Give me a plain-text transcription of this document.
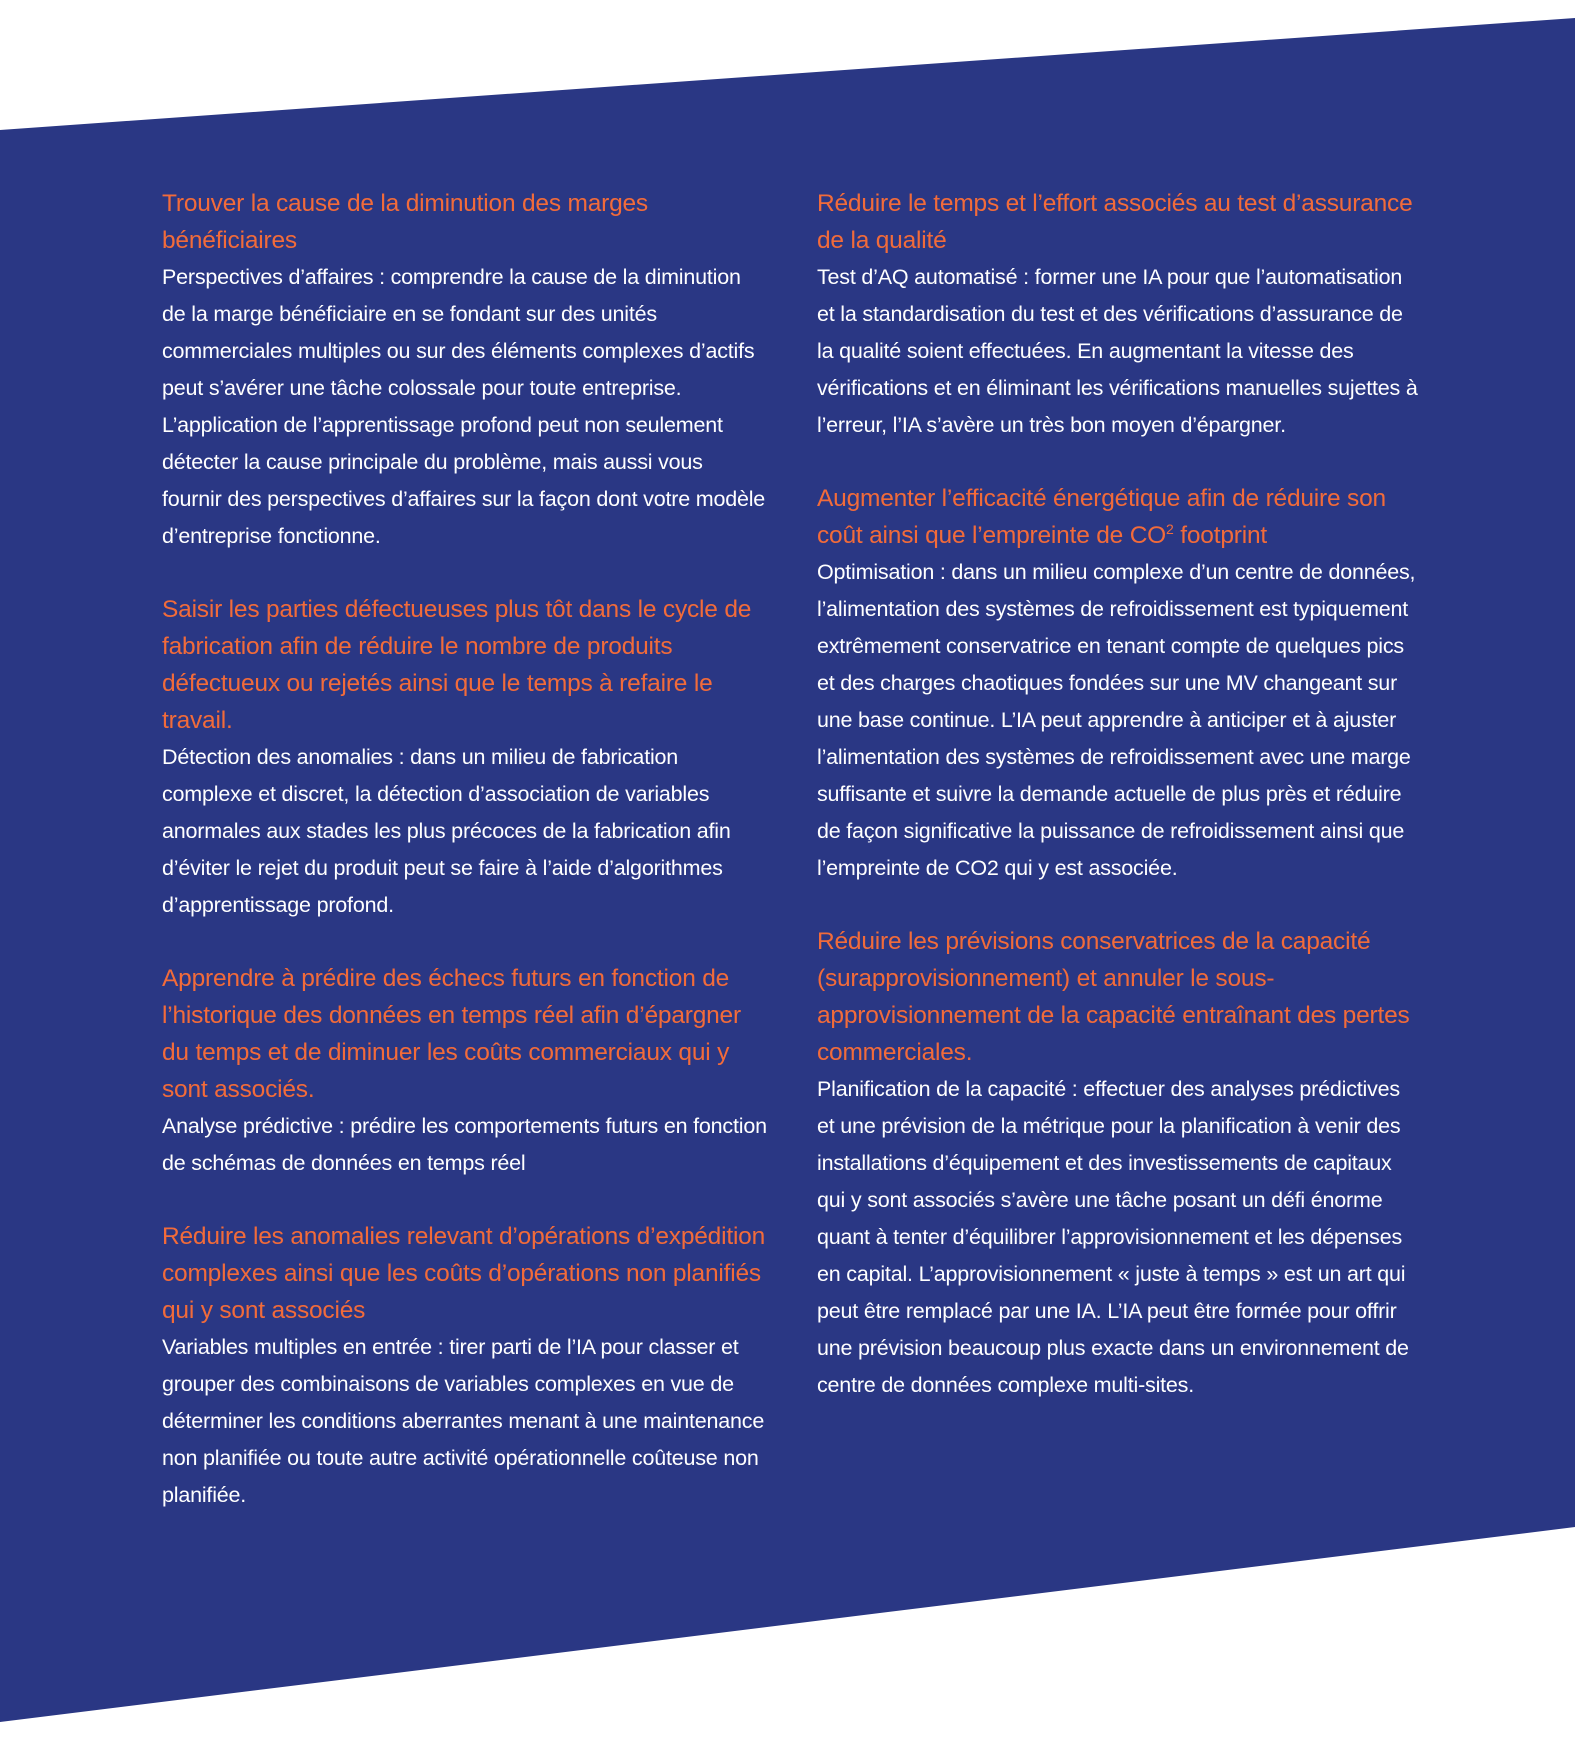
Trouver la cause de la diminution des marges bénéficiaires

Perspectives d’affaires : comprendre la cause de la diminution de la marge bénéficiaire en se fondant sur des unités commerciales multiples ou sur des éléments complexes d’actifs peut s’avérer une tâche colossale pour toute entreprise. L’application de l’apprentissage profond peut non seulement détecter la cause principale du problème, mais aussi vous fournir des perspectives d’affaires sur la façon dont votre modèle d’entreprise fonctionne.

Saisir les parties défectueuses plus tôt dans le cycle de fabrication afin de réduire le nombre de produits défectueux ou rejetés ainsi que le temps à refaire le travail.

Détection des anomalies : dans un milieu de fabrication complexe et discret, la détection d’association de variables anormales aux stades les plus précoces de la fabrication afin d’éviter le rejet du produit peut se faire à l’aide d’algorithmes d’apprentissage profond.

Apprendre à prédire des échecs futurs en fonction de l’historique des données en temps réel afin d’épargner du temps et de diminuer les coûts commerciaux qui y sont associés.

Analyse prédictive : prédire les comportements futurs en fonction de schémas de données en temps réel

Réduire les anomalies relevant d’opérations d’expédition complexes ainsi que les coûts d’opérations non planifiés qui y sont associés

Variables multiples en entrée : tirer parti de l’IA pour classer et grouper des combinaisons de variables complexes en vue de déterminer les conditions aberrantes menant à une maintenance non planifiée ou toute autre activité opérationnelle coûteuse non planifiée.

Réduire le temps et l’effort associés au test d’assurance de la qualité

Test d’AQ automatisé : former une IA pour que l’automatisation et la standardisation du test et des vérifications d’assurance de la qualité soient effectuées. En augmentant la vitesse des vérifications et en éliminant les vérifications manuelles sujettes à l’erreur, l’IA s’avère un très bon moyen d’épargner.

Augmenter l’efficacité énergétique afin de réduire son coût ainsi que l’empreinte de $CO^2$ footprint

Optimisation : dans un milieu complexe d’un centre de données, l’alimentation des systèmes de refroidissement est typiquement extrêmement conservatrice en tenant compte de quelques pics et des charges chaotiques fondées sur une MV changeant sur une base continue. L’IA peut apprendre à anticiper et à ajuster l’alimentation des systèmes de refroidissement avec une marge suffisante et suivre la demande actuelle de plus près et réduire de façon significative la puissance de refroidissement ainsi que l’empreinte de CO2 qui y est associée.

Réduire les prévisions conservatrices de la capacité (surapprovisionnement) et annuler le sous-approvisionnement de la capacité entraînant des pertes commerciales.

Planification de la capacité : effectuer des analyses prédictives et une prévision de la métrique pour la planification à venir des installations d’équipement et des investissements de capitaux qui y sont associés s’avère une tâche posant un défi énorme quant à tenter d’équilibrer l’approvisionnement et les dépenses en capital. L’approvisionnement « juste à temps » est un art qui peut être remplacé par une IA. L’IA peut être formée pour offrir une prévision beaucoup plus exacte dans un environnement de centre de données complexe multi-sites.
